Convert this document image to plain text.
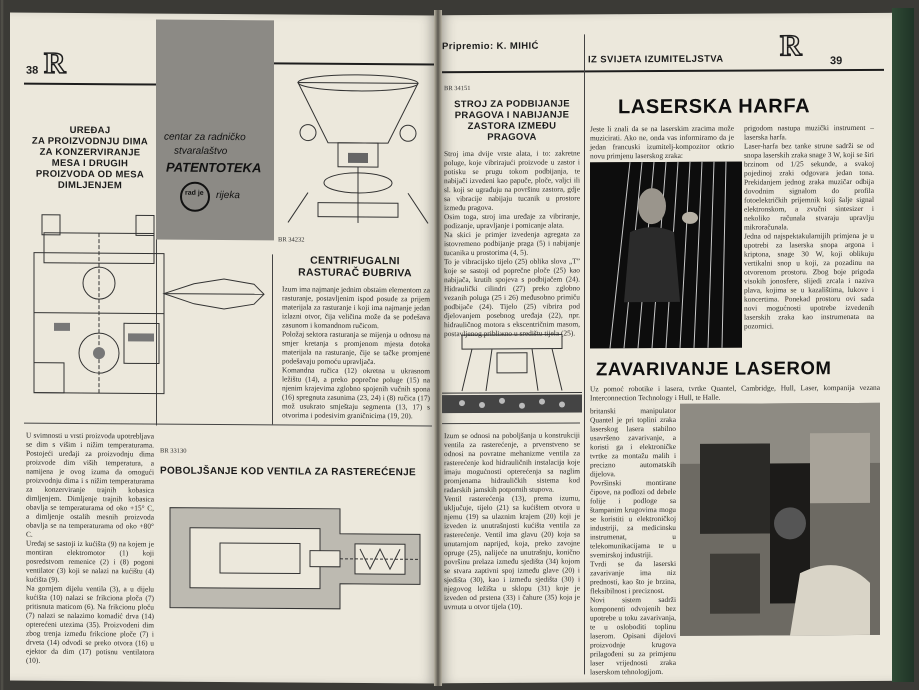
38 R
UREĐAJ
ZA PROIZVODNJU DIMA
ZA KONZERVIRANJE
MESA I DRUGIH
PROIZVODA OD MESA
DIMLJENJEM
U svimnosti u vrsti proizvoda upotrebljava se dim s višim i nižim temperaturama. Postojeći uređaji za proizvodnju dima proizvode dim viših temperatura, a namijena je ovog izuma da omogući proizvodnju dima i s nižim temperaturama za konzerviranje trajnih kobasica dimljenjem. Dimljenje trajnih kobasica obavlja se temperaturama od oko +15° C, a dimljenje ostalih mesnih proizvoda obavlja se na temperaturama od oko +80° C.
Uređaj se sastoji iz kućišta (9) na kojem je montiran elektromotor (1) koji posredstvom remenice (2) i (8) pogoni ventilator (3) koji se nalazi na kućištu (4) kućišta (9).
Na gornjem dijelu ventila (3), a u dijelu kućišta (10) nalazi se frikciona ploča (7) pritisnuta maticom (6). Na frikcionu ploču (7) nalazi se nalazimo komadić drva (14) opterećeni utezima (35). Proizvodeni dim zbog trenja između frikcione ploče (7) i drveta (14) odvodi se preko otvora (16) u ejektor da dim (17) potisnu ventilatora (10).
centar za radničko
stvaralaštvo
PATENTOTEKA
rad je rijeka
BR 34232
CENTRIFUGALNI
RASTURAČ ĐUBRIVA
Izum ima najmanje jednim obstaim elementom za rasturanje, postavljenim ispod posude za prijem materijala za rasturanje i koji ima najmanje jedan izlazni otvor, čija veličina može da se podešava zasunom i komandnom ručicom.
Položaj sektora rasturanja se mijenja u odnosu na smjer kretanja s promjenom mjesta dotoka materijala na rasturanje, čije se tačke promjene podešavaju pomoću upravljača.
Komandna ručica (12) okretna u ukrasnom ležištu (14), a preko poprečne poluge (15) na njenim krajevima zglobno spojenih vučnih spona (16) spregnuta zasunima (23, 24) i (8) ručica (17) mož usukrato smještaju segmenta (13, 17) s otvorima i podesivim graničnicima (19, 20).
BR 33130
POBOLJŠANJE KOD VENTILA ZA RASTEREĆENJE
Pripremio: K. MIHIĆ
IZ SVIJETA IZUMITELJSTVA R	39
BR 34151
STROJ ZA PODBIJANJE
PRAGOVA I NABIJANJE
ZASTORA IZMEĐU
PRAGOVA
Stroj ima dvije vrste alata, i to: zakretne poluge, koje vibrirajući proizvode u zastor i potisku se prugu tokom podbijanja, te nabijači izvedeni kao papuče, ploče, valjci ili sl. koji se ugrađuju na površinu zastora, gdje sa vibracije nabijaju tucanik u prostore između pragova.
Osim toga, stroj ima uređaje za vibriranje, podizanje, upravljanje i pomicanje alata.
Na skici je primjer izvedenja agregata za istovremeno podbijanje praga (5) i nabijanje tucanika u prostorima (4, 5).
To je vibracijsko tijelo (25) oblika slova „T” koje se sastoji od poprečne ploče (25) kao nabijača, krutih spojeva s podbijačem (24). Hidraulički cilindri (27) preko zglobno vezanih poluga (25 i 26) međusobno primiču podbijače (24). Tijelo (25) vibrira pod djelovanjem posebnog uređaja (22), npr. hidrauličnog motora s ekscentričnim masom, postavljenog pribliжno u središtu tijela (25).
Izum se odnosi na poboljšanja u konstrukciji ventila za rasterećenje, a prvenstveno se odnosi na povratne mehanizme ventila za rasterećenje kod hidrauličnih instalacija koje imaju mogućnosti opterećenja sa naglim promjenama hidrauličkih sistema kod radarskih jamskih potpornih stupova.
Ventil rasterećenja (13), prema izumu, uključuje, tijelo (21) sa kućištem otvora u njemu (19) sa ulaznim krajem (20) koji je izveden iz unutrašnjosti kućišta ventila za rasterećenje. Ventil ima glavu (20) koja sa unutarnjom naprijed, koja, preko zavojne opruge (25), nalijeće na unutrašnju, konično površinu prelaza između sjedišta (34) kojom se stvara zaptivni spoj između glave (20) i sjedišta (30), kao i između sjedišta (30) i njegovog ležišta u sklopu (31) koje je izveden od prstena (33) i čahure (35) koja je uvrnuta u otvor tijela (10).
LASERSKA HARFA
Jeste li znali da se na laserskim zracima može muzicirati. Ako ne, onda vas informiramo da je jedan francuski izumitelj-kompozitor otkrio novu primjenu laserskog zraka:
prigodom nastupa muzički instrument – laserska harfa.
Laser-harfa bez tanke strune sadrži se od snopa laserskih zraka snage 3 W, koji se širi brzinom od 1/25 sekunde, a svakoj pojedinoj zraki odgovara jedan tona. Prekidanjem jednog zraka muzičar odbija dovodnim signalom do profila fotoelektričkih prijemnik koji šalje signal elektronskom, a zvučni sintesizer i nekoliko računala stvaraju upravlju mikroračunala.
Jedna od najspektakularnijih primjena je u upotrebi za laserska snopa argona i kriptona, snage 30 W, koji oblikuju vertikalni snop u koji, za pozadinu na otvorenom prostoru. Zbog boje prigoda visokih jonosfere, slijedi zrcala i naziva plava, kojima se u kazalištima, lukove i koncertima. Ponekad prostoru ovi sada novi mogućnosti upotrebe izvedenih laserskih zraka kao instrumenata na pozornici.
ZAVARIVANJE LASEROM
Uz pomoć robotike i lasera, tvrtke Quantel, Cambridge, Hull, Laser, kompanija vezana Interconnection Technology i Hull, te Halle.
britanski manipulator Quantel je pri toplini zraka laserskog lasera stabilno usavršeno zavarivanje, a koristi ga i elektroničke tvrtke za montažu malih i precizno automatskih dijelova.
Površinski montirane čipove, na podlozi od debele folije i podloge sa štampanim krugovima mogu se koristiti u elektroničkoj industriji, za medicinsku instrumenat, u telekomunikacijama te u svemirskoj industriji.
Tvrdi se da laserski zavarivanje ima niz prednosti, kao što je brzina, fleksibilnost i preciznost.
Novi sistem sadrži komponenti odvojenih bez upotrebe u toku zavarivanja, te u osloboditi toplinu laserom. Opisani dijelovi proizvodnje krugova prilagođeni su za primjenu laser vrijednosti zraka laserskom tehnologijom.
